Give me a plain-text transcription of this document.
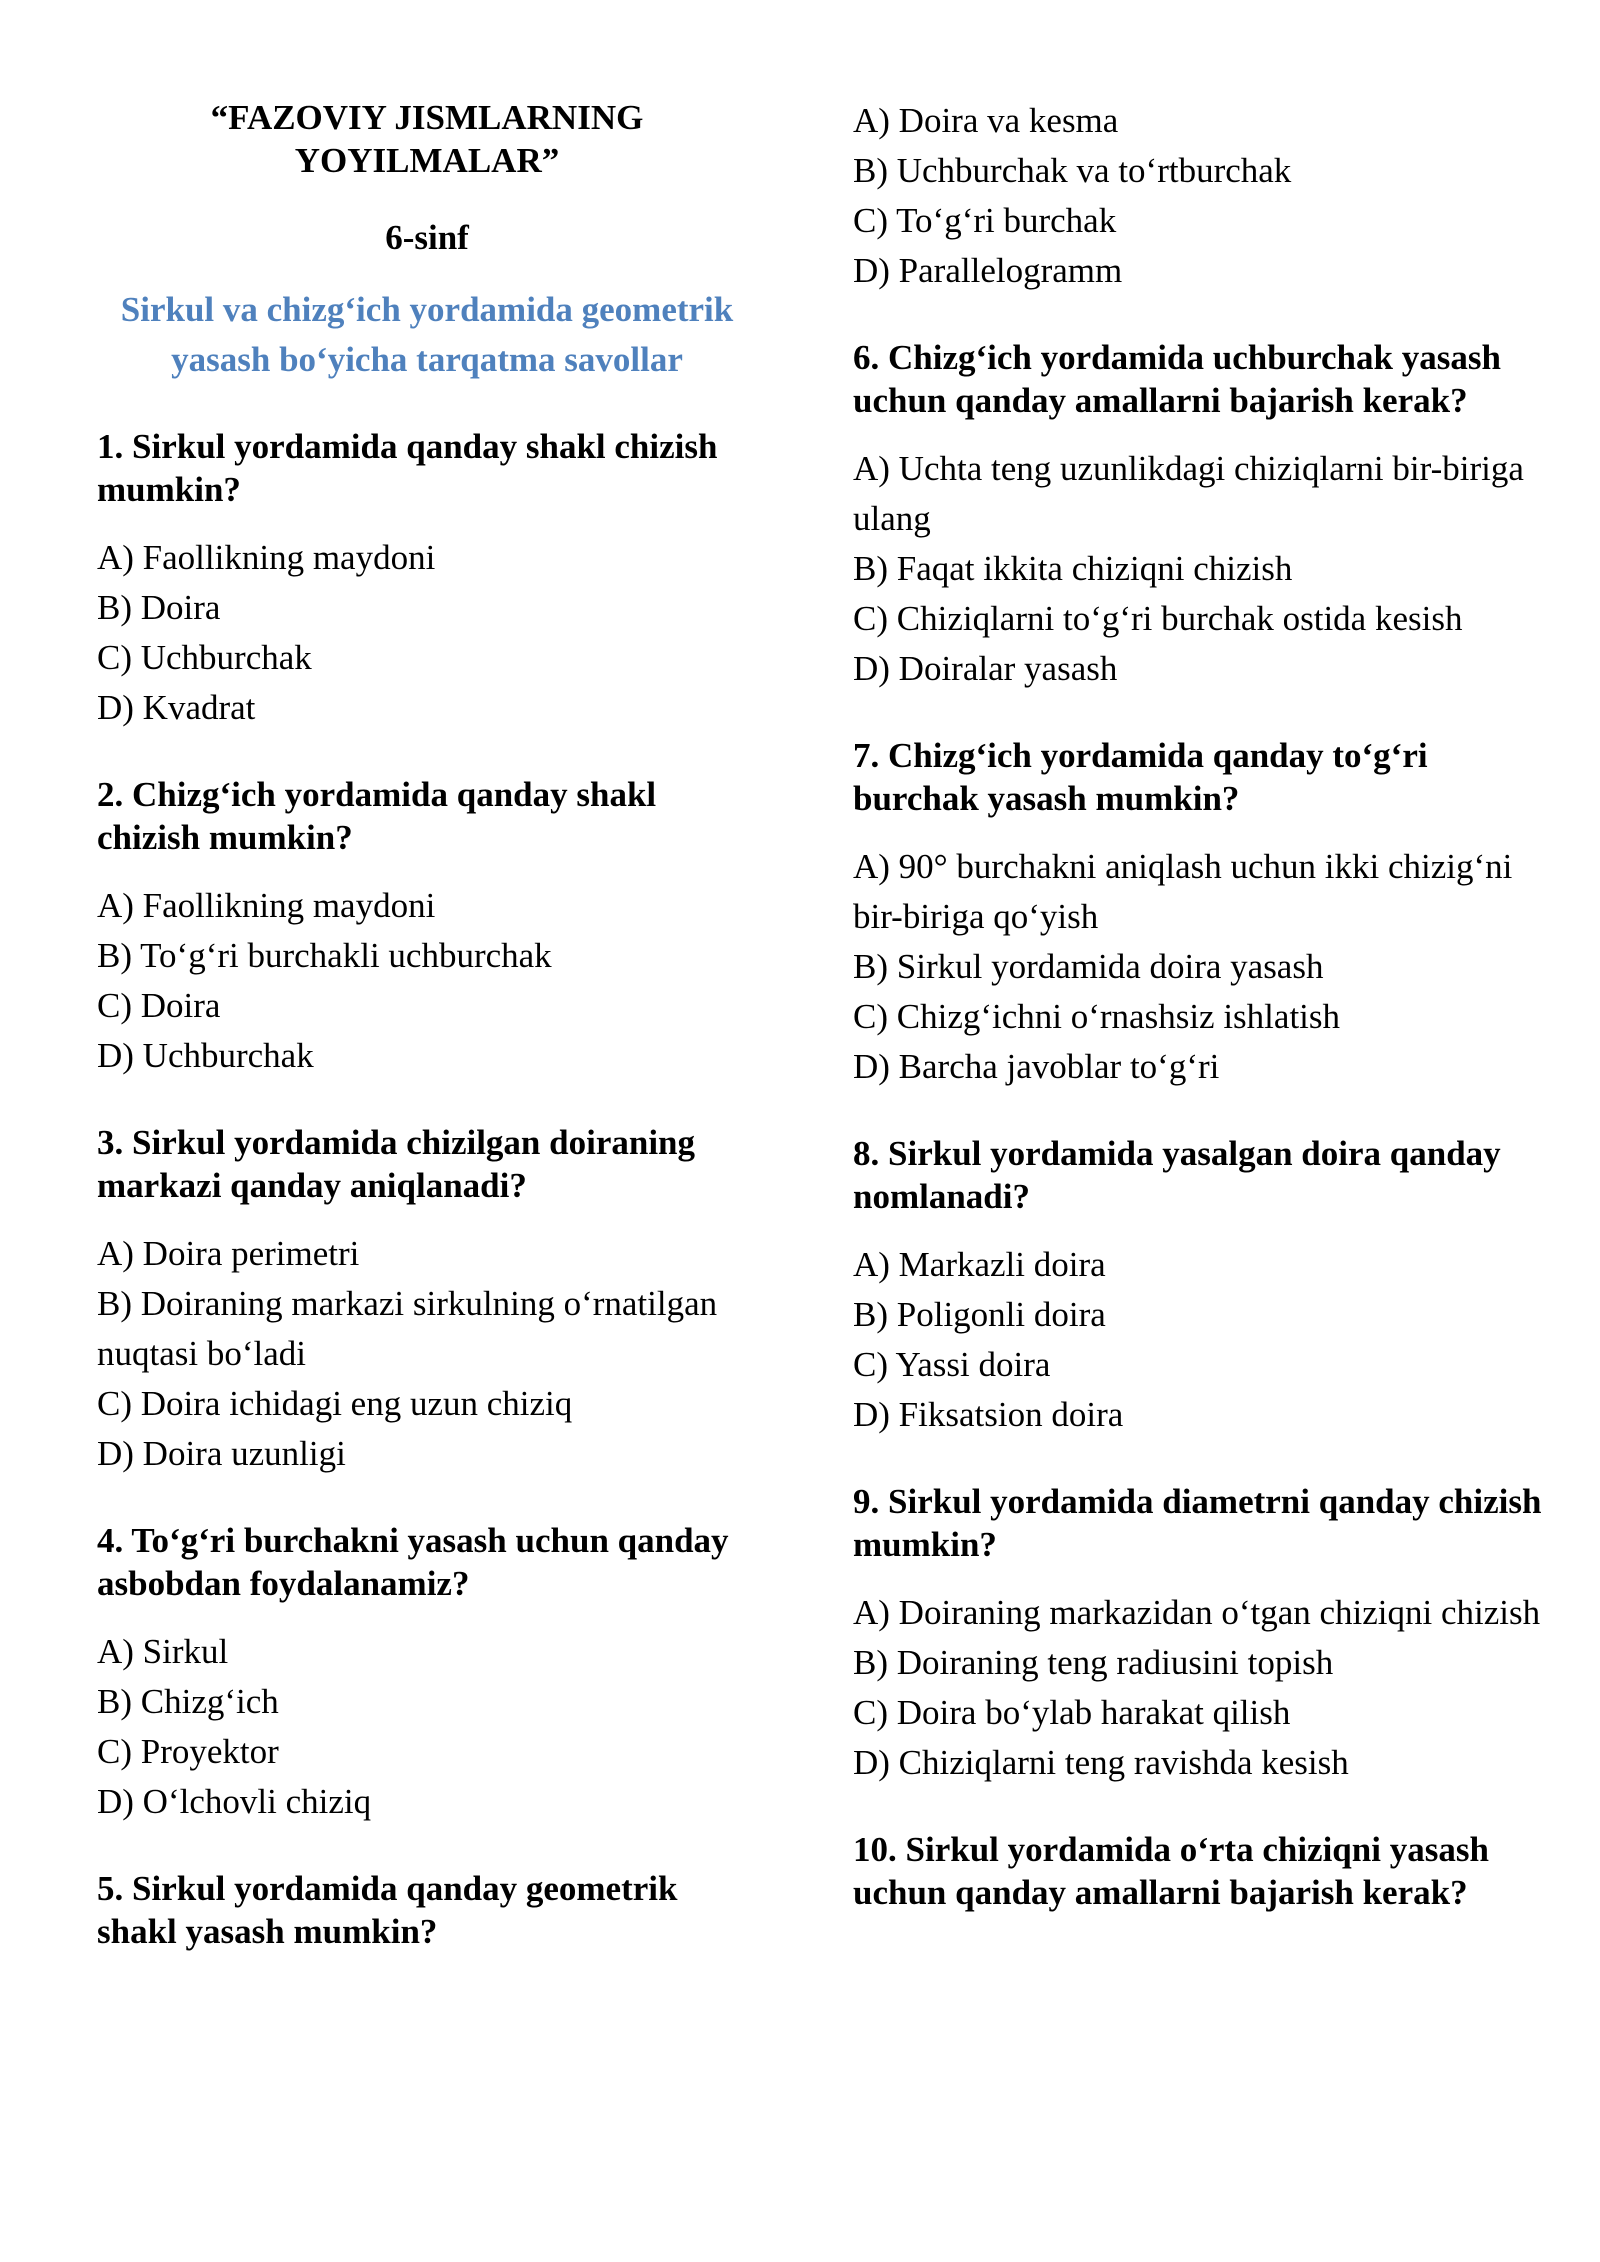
“FAZOVIY JISMLARNING YOYILMALAR”
6-sinf
Sirkul va chizg‘ich yordamida geometrik yasash bo‘yicha tarqatma savollar
1. Sirkul yordamida qanday shakl chizish mumkin?
A) Faollikning maydoni
B) Doira
C) Uchburchak
D) Kvadrat
2. Chizg‘ich yordamida qanday shakl chizish mumkin?
A) Faollikning maydoni
B) To‘g‘ri burchakli uchburchak
C) Doira
D) Uchburchak
3. Sirkul yordamida chizilgan doiraning markazi qanday aniqlanadi?
A) Doira perimetri
B) Doiraning markazi sirkulning o‘rnatilgan nuqtasi bo‘ladi
C) Doira ichidagi eng uzun chiziq
D) Doira uzunligi
4. To‘g‘ri burchakni yasash uchun qanday asbobdan foydalanamiz?
A) Sirkul
B) Chizg‘ich
C) Proyektor
D) O‘lchovli chiziq
5. Sirkul yordamida qanday geometrik shakl yasash mumkin?
A) Doira va kesma
B) Uchburchak va to‘rtburchak
C) To‘g‘ri burchak
D) Parallelogramm
6. Chizg‘ich yordamida uchburchak yasash uchun qanday amallarni bajarish kerak?
A) Uchta teng uzunlikdagi chiziqlarni bir-biriga ulang
B) Faqat ikkita chiziqni chizish
C) Chiziqlarni to‘g‘ri burchak ostida kesish
D) Doiralar yasash
7. Chizg‘ich yordamida qanday to‘g‘ri burchak yasash mumkin?
A) 90° burchakni aniqlash uchun ikki chizig‘ni bir-biriga qo‘yish
B) Sirkul yordamida doira yasash
C) Chizg‘ichni o‘rnashsiz ishlatish
D) Barcha javoblar to‘g‘ri
8. Sirkul yordamida yasalgan doira qanday nomlanadi?
A) Markazli doira
B) Poligonli doira
C) Yassi doira
D) Fiksatsion doira
9. Sirkul yordamida diametrni qanday chizish mumkin?
A) Doiraning markazidan o‘tgan chiziqni chizish
B) Doiraning teng radiusini topish
C) Doira bo‘ylab harakat qilish
D) Chiziqlarni teng ravishda kesish
10. Sirkul yordamida o‘rta chiziqni yasash uchun qanday amallarni bajarish kerak?
